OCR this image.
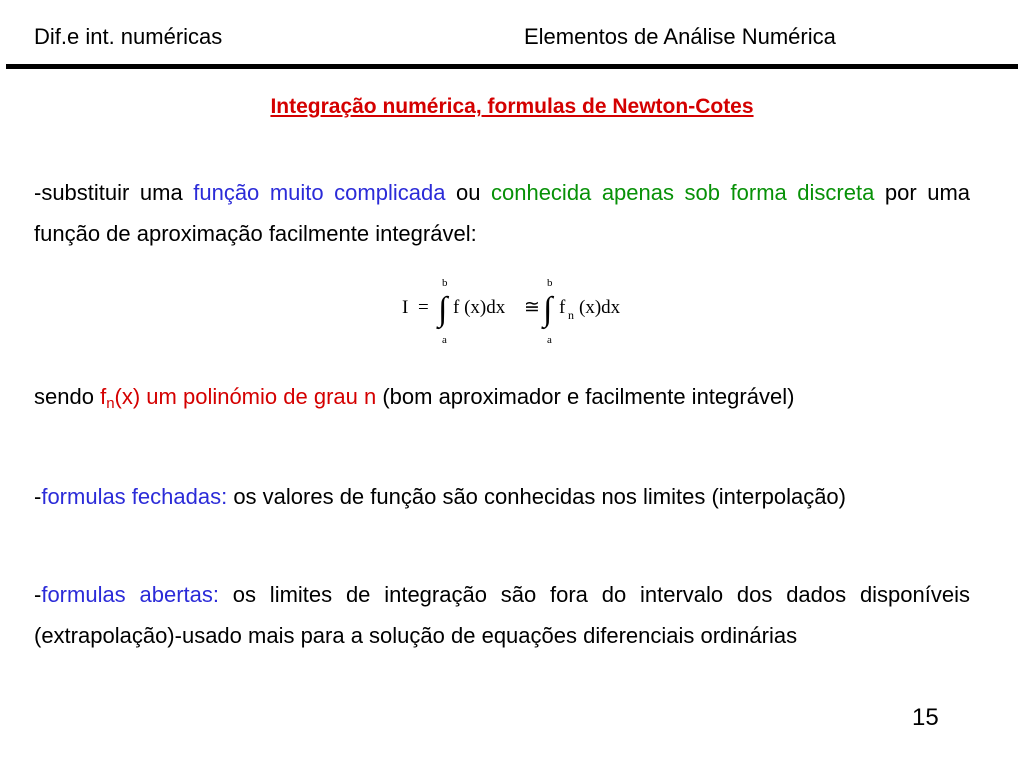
Dif.e int. numéricas	Elementos de Análise Numérica
Integração numérica, formulas de Newton-Cotes
-substituir uma função muito complicada ou conhecida apenas sob forma discreta por uma função de aproximação facilmente integrável:
I =
b
∫
a
f (x)dx ≅
b
∫
a
f n (x)dx
sendo $f_n(x)$ um polinómio de grau n (bom aproximador e facilmente integrável)
-formulas fechadas: os valores de função são conhecidas nos limites (interpolação)
-formulas abertas: os limites de integração são fora do intervalo dos dados disponíveis (extrapolação)-usado mais para a solução de equações diferenciais ordinárias
15
